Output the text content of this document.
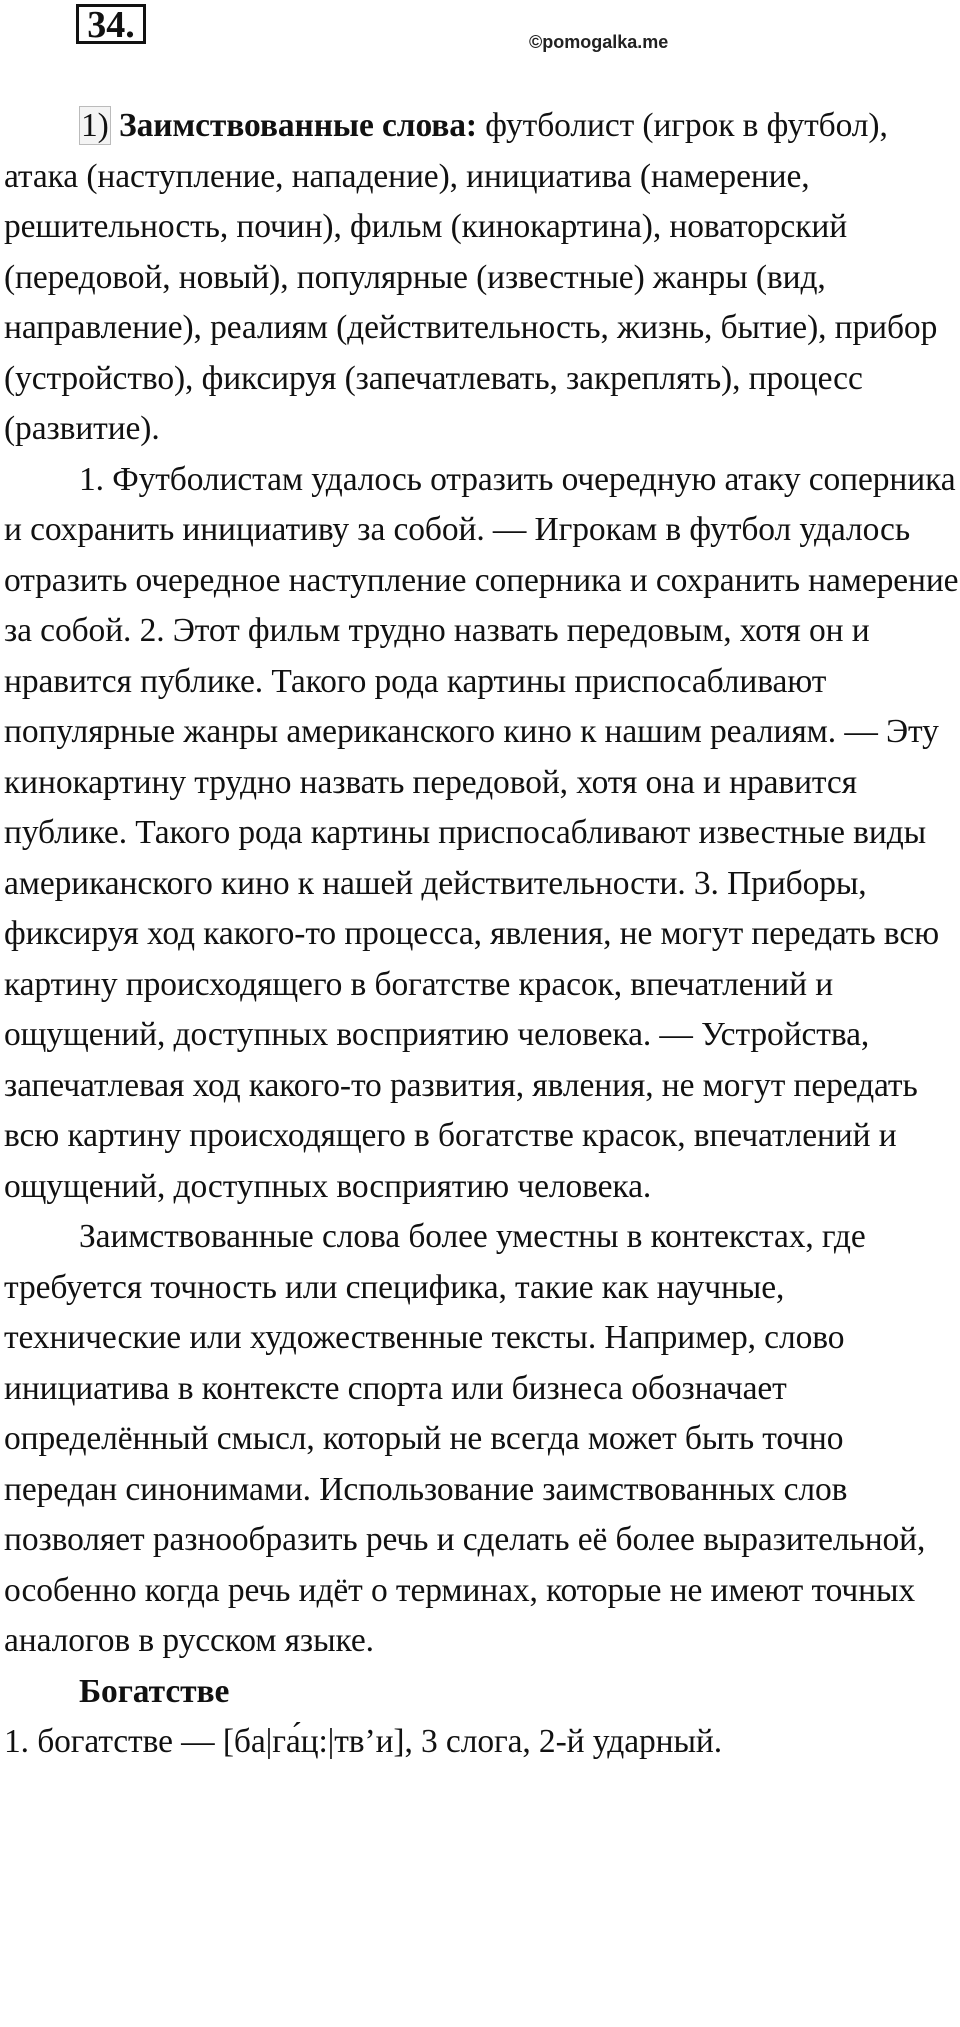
34.	©pomogalka.me

1) Заимствованные слова: футболист (игрок в футбол), атака (наступление, нападение), инициатива (намерение, решительность, почин), фильм (кинокартина), новаторский (передовой, новый), популярные (известные) жанры (вид, направление), реалиям (действительность, жизнь, бытие), прибор (устройство), фиксируя (запечатлевать, закреплять), процесс (развитие).

1. Футболистам удалось отразить очередную атаку соперника и сохранить инициативу за собой. — Игрокам в футбол удалось отразить очередное наступление соперника и сохранить намерение за собой. 2. Этот фильм трудно назвать передовым, хотя он и нравится публике. Такого рода картины приспосабливают популярные жанры американского кино к нашим реалиям. — Эту кинокартину трудно назвать передовой, хотя она и нравится публике. Такого рода картины приспосабливают известные виды американского кино к нашей действительности. 3. Приборы, фиксируя ход какого-то процесса, явления, не могут передать всю картину происходящего в богатстве красок, впечатлений и ощущений, доступных восприятию человека. — Устройства, запечатлевая ход какого-то развития, явления, не могут передать всю картину происходящего в богатстве красок, впечатлений и ощущений, доступных восприятию человека.

Заимствованные слова более уместны в контекстах, где требуется точность или специфика, такие как научные, технические или художественные тексты. Например, слово инициатива в контексте спорта или бизнеса обозначает определённый смысл, который не всегда может быть точно передан синонимами. Использование заимствованных слов позволяет разнообразить речь и сделать её более выразительной, особенно когда речь идёт о терминах, которые не имеют точных аналогов в русском языке.

Богатстве

1. богатстве — [ба|га́ц:|тв’и], 3 слога, 2-й ударный.
